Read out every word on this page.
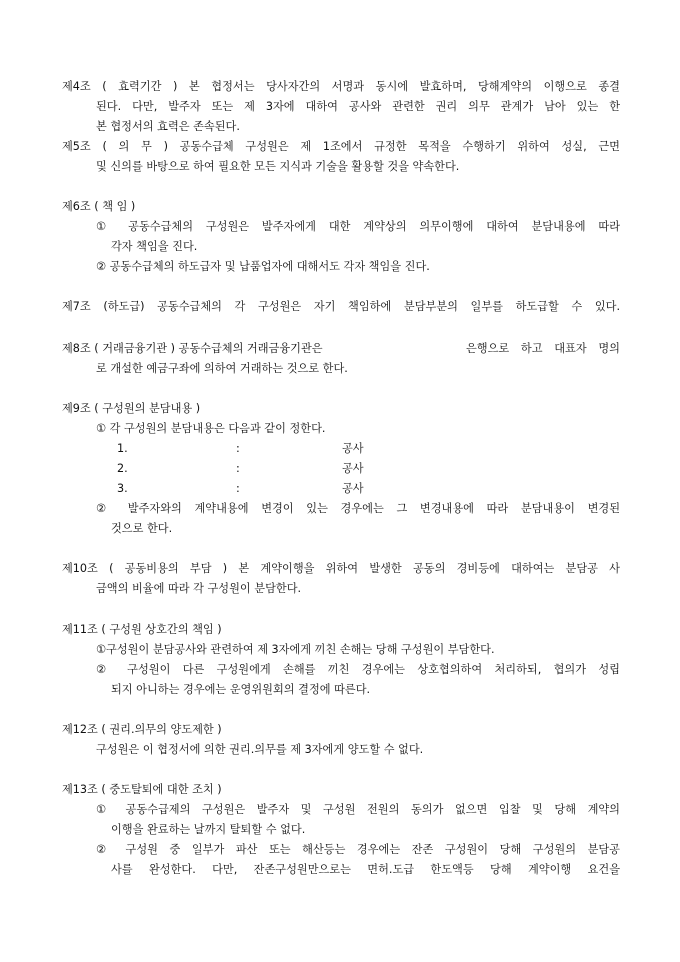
제4조 ( 효력기간 ) 본 협정서는 당사자간의 서명과 동시에 발효하며, 당해계약의 이행으로 종결
된다. 다만, 발주자 또는 제 3자에 대하여 공사와 관련한 권리 의무 관계가 남아 있는 한
본 협정서의 효력은 존속된다.
제5조 ( 의 무 ) 공동수급체 구성원은 제 1조에서 규정한 목적을 수행하기 위하여 성실, 근면
및 신의를 바탕으로 하여 필요한 모든 지식과 기술을 활용할 것을 약속한다.
제6조 ( 책 임 )
① 공동수급체의 구성원은 발주자에게 대한 계약상의 의무이행에 대하여 분담내용에 따라
각자 책임을 진다.
② 공동수급체의 하도급자 및 납품업자에 대해서도 각자 책임을 진다.
제7조 (하도급) 공동수급체의 각 구성원은 자기 책임하에 분담부분의 일부를 하도급할 수 있다.
제8조 ( 거래금융기관 ) 공동수급체의 거래금융기관은	은행으로 하고 대표자 명의
로 개설한 예금구좌에 의하여 거래하는 것으로 한다.
제9조 ( 구성원의 분담내용 )
① 각 구성원의 분담내용은 다음과 같이 정한다.
1.	:	공사
2.	:	공사
3.	:	공사
② 발주자와의 계약내용에 변경이 있는 경우에는 그 변경내용에 따라 분담내용이 변경된
것으로 한다.
제10조 ( 공동비용의 부담 ) 본 계약이행을 위하여 발생한 공동의 경비등에 대하여는 분담공 사
금액의 비율에 따라 각 구성원이 분담한다.
제11조 ( 구성원 상호간의 책임 )
①구성원이 분담공사와 관련하여 제 3자에게 끼친 손해는 당해 구성원이 부담한다.
② 구성원이 다른 구성원에게 손해를 끼친 경우에는 상호협의하여 처리하되, 협의가 성립
되지 아니하는 경우에는 운영위원회의 결정에 따른다.
제12조 ( 권리.의무의 양도제한 )
구성원은 이 협정서에 의한 권리.의무를 제 3자에게 양도할 수 없다.
제13조 ( 중도탈퇴에 대한 조치 )
① 공동수급제의 구성원은 발주자 및 구성원 전원의 동의가 없으면 입찰 및 당해 계약의
이행을 완료하는 날까지 탈퇴할 수 없다.
② 구성원 중 일부가 파산 또는 해산등는 경우에는 잔존 구성원이 당해 구성원의 분담공
사를 완성한다. 다만, 잔존구성원만으로는 면허.도급 한도액등 당해 계약이행 요건을
